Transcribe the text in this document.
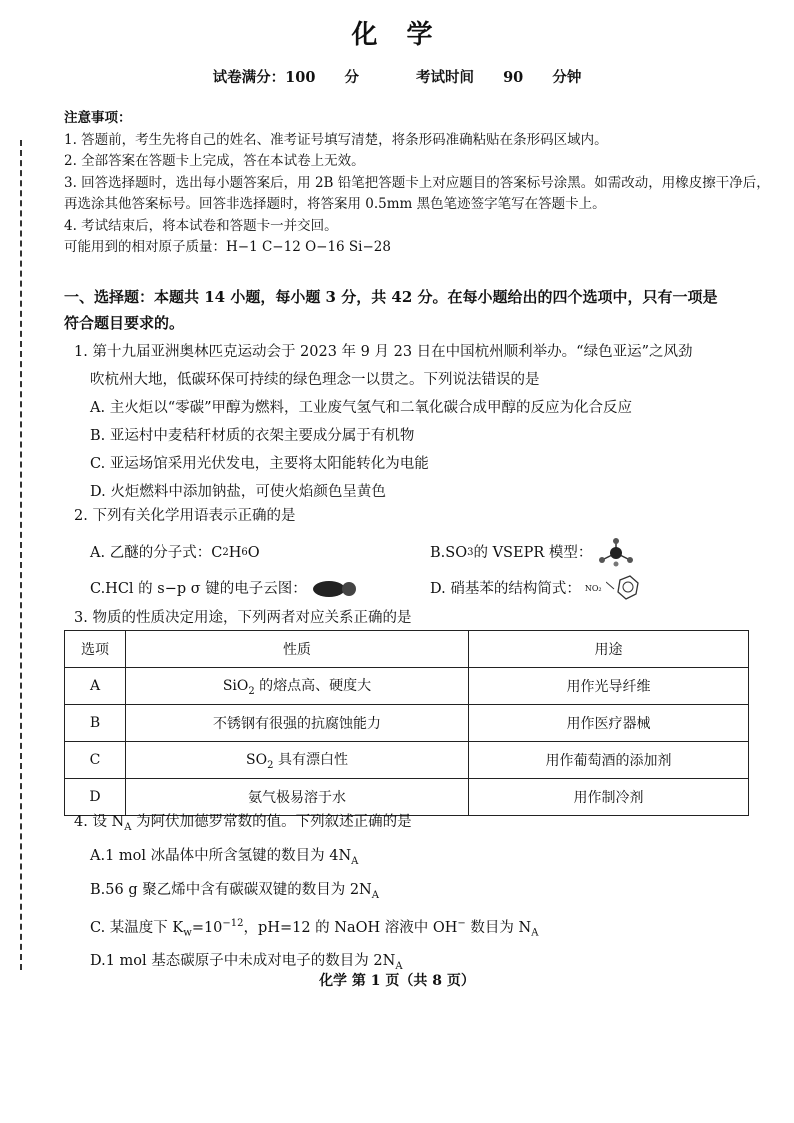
化 学
试卷满分：100 分	考试时间 90 分钟
注意事项：
1. 答题前，考生先将自己的姓名、准考证号填写清楚，将条形码准确粘贴在条形码区域内。
2. 全部答案在答题卡上完成，答在本试卷上无效。
3. 回答选择题时，选出每小题答案后，用 2B 铅笔把答题卡上对应题目的答案标号涂黑。如需改动，用橡皮擦干净后，
再选涂其他答案标号。回答非选择题时，将答案用 0.5mm 黑色笔迹签字笔写在答题卡上。
4. 考试结束后，将本试卷和答题卡一并交回。
可能用到的相对原子质量：H−1 C−12 O−16 Si−28
一、选择题：本题共 14 小题，每小题 3 分，共 42 分。在每小题给出的四个选项中，只有一项是
符合题目要求的。
1. 第十九届亚洲奥林匹克运动会于 2023 年 9 月 23 日在中国杭州顺利举办。“绿色亚运”之风劲
吹杭州大地，低碳环保可持续的绿色理念一以贯之。下列说法错误的是
A. 主火炬以“零碳”甲醇为燃料，工业废气氢气和二氧化碳合成甲醇的反应为化合反应
B. 亚运村中麦秸秆材质的衣架主要成分属于有机物
C. 亚运场馆采用光伏发电，主要将太阳能转化为电能
D. 火炬燃料中添加钠盐，可使火焰颜色呈黄色
2. 下列有关化学用语表示正确的是
A. 乙醚的分子式： C 2 H 6 O	B.SO 3 的 VSEPR 模型：
C.HCl 的 s−p σ 键的电子云图：	D. 硝基苯的结构简式： NO₂
3. 物质的性质决定用途，下列两者对应关系正确的是
选项	性质	用途
A	SiO$_2$ 的熔点高、硬度大	用作光导纤维
B	不锈钢有很强的抗腐蚀能力	用作医疗器械
C	$SO_2$ 具有漂白性	用作葡萄酒的添加剂
D	氨气极易溶于水	用作制冷剂
4. 设 $N_A$ 为阿伏加德罗常数的值。下列叙述正确的是
A.1 mol 冰晶体中所含氢键的数目为 $4N_A$
B.56 g 聚乙烯中含有碳碳双键的数目为 $2N_A$
C. 某温度下 $K_w=10^{-12}$，pH=12 的 NaOH 溶液中 OH− 数目为 $N_A$
D.1 mol 基态碳原子中未成对电子的数目为 $2N_A$
化学 第 1 页（共 8 页）
